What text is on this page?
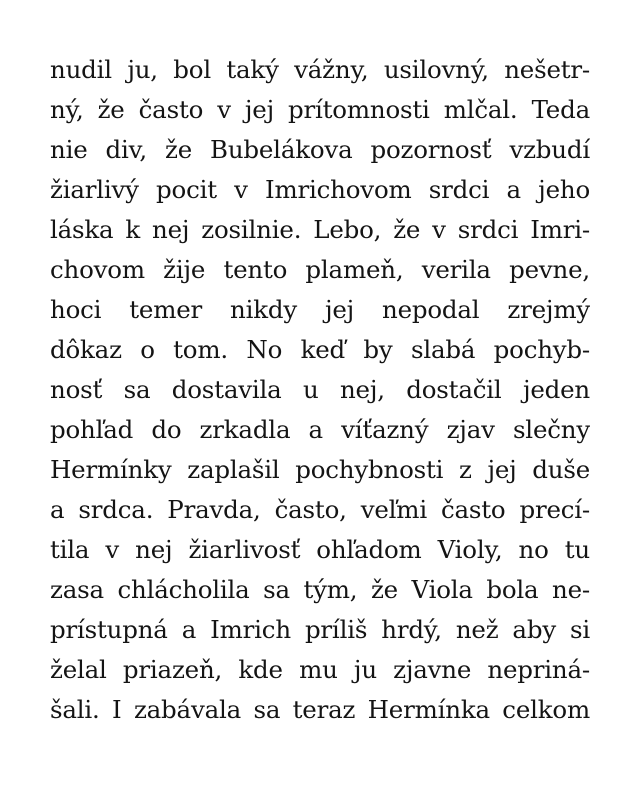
nudil ju, bol taký vážny, usilovný, nešetr-
ný, že často v jej prítomnosti mlčal. Teda
nie div, že Bubelákova pozornosť vzbudí
žiarlivý pocit v Imrichovom srdci a jeho
láska k nej zosilnie. Lebo, že v srdci Imri-
chovom žije tento plameň, verila pevne,
hoci temer nikdy jej nepodal zrejmý
dôkaz o tom. No keď by slabá pochyb-
nosť sa dostavila u nej, dostačil jeden
pohľad do zrkadla a víťazný zjav slečny
Hermínky zaplašil pochybnosti z jej duše
a srdca. Pravda, často, veľmi často precí-
tila v nej žiarlivosť ohľadom Violy, no tu
zasa chlácholila sa tým, že Viola bola ne-
prístupná a Imrich príliš hrdý, než aby si
želal priazeň, kde mu ju zjavne nepriná-
šali. I zabávala sa teraz Hermínka celkom
